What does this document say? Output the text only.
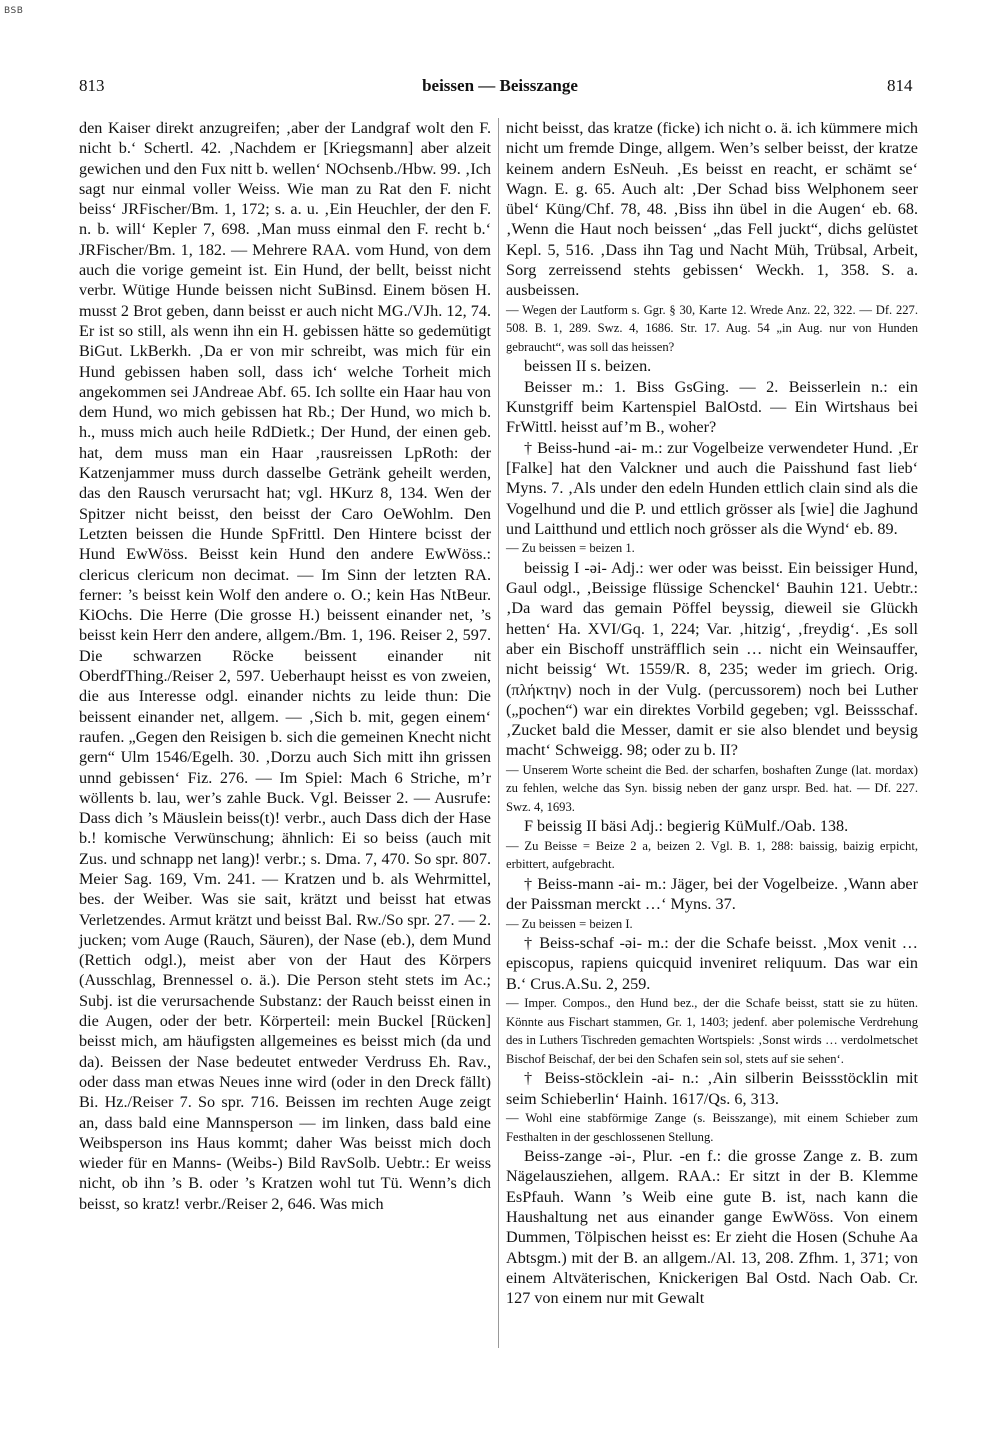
BSB
813	beissen — Beisszange	814

den Kaiser direkt anzugreifen; ‚aber der Landgraf wolt den F. nicht b.‘ Schertl. 42. ‚Nachdem er [Kriegsmann] aber alzeit gewichen und den Fux nitt b. wellen‘ NOchsenb./Hbw. 99. ‚Ich sagt nur einmal voller Weiss. Wie man zu Rat den F. nicht beiss‘ JRFischer/Bm. 1, 172; s. a. u. ‚Ein Heuchler, der den F. n. b. will‘ Kepler 7, 698. ‚Man muss einmal den F. recht b.‘ JRFischer/Bm. 1, 182. — Mehrere RAA. vom Hund, von dem auch die vorige gemeint ist. Ein Hund, der bellt, beisst nicht verbr. Wütige Hunde beissen nicht SuBinsd. Einem bösen H. musst 2 Brot geben, dann beisst er auch nicht MG./VJh. 12, 74. Er ist so still, als wenn ihn ein H. gebissen hätte so gedemütigt BiGut. LkBerkh. ‚Da er von mir schreibt, was mich für ein Hund gebissen haben soll, dass ich‘ welche Torheit mich angekommen sei JAndreae Abf. 65. Ich sollte ein Haar hau von dem Hund, wo mich gebissen hat Rb.; Der Hund, wo mich b. h., muss mich auch heile RdDietk.; Der Hund, der einen geb. hat, dem muss man ein Haar ‚rausreissen LpRoth: der Katzenjammer muss durch dasselbe Getränk geheilt werden, das den Rausch verursacht hat; vgl. HKurz 8, 134. Wen der Spitzer nicht beisst, den beisst der Caro OeWohlm. Den Letzten beissen die Hunde SpFrittl. Den Hintere bcisst der Hund EwWöss. Beisst kein Hund den andere EwWöss.: clericus clericum non decimat. — Im Sinn der letzten RA. ferner: ’s beisst kein Wolf den andere o. O.; kein Has NtBeur. KiOchs. Die Herre (Die grosse H.) beissent einander net, ’s beisst kein Herr den andere, allgem./Bm. 1, 196. Reiser 2, 597. Die schwarzen Röcke beissent einander nit OberdfThing./Reiser 2, 597. Ueberhaupt heisst es von zweien, die aus Interesse odgl. einander nichts zu leide thun: Die beissent einander net, allgem. — ‚Sich b. mit, gegen einem‘ raufen. „Gegen den Reisigen b. sich die gemeinen Knecht nicht gern“ Ulm 1546/Egelh. 30. ‚Dorzu auch Sich mitt ihn grissen unnd gebissen‘ Fiz. 276. — Im Spiel: Mach 6 Striche, m’r wöllents b. lau, wer’s zahle Buck. Vgl. Beisser 2. — Ausrufe: Dass dich ’s Mäuslein beiss(t)! verbr., auch Dass dich der Hase b.! komische Verwünschung; ähnlich: Ei so beiss (auch mit Zus. und schnapp net lang)! verbr.; s. Dma. 7, 470. So spr. 807. Meier Sag. 169, Vm. 241. — Kratzen und b. als Wehrmittel, bes. der Weiber. Was sie sait, krätzt und beisst hat etwas Verletzendes. Armut krätzt und beisst Bal. Rw./So spr. 27. — 2. jucken; vom Auge (Rauch, Säuren), der Nase (eb.), dem Mund (Rettich odgl.), meist aber von der Haut des Körpers (Ausschlag, Brennessel o. ä.). Die Person steht stets im Ac.; Subj. ist die verursachende Substanz: der Rauch beisst einen in die Augen, oder der betr. Körperteil: mein Buckel [Rücken] beisst mich, am häufigsten allgemeines es beisst mich (da und da). Beissen der Nase bedeutet entweder Verdruss Eh. Rav., oder dass man etwas Neues inne wird (oder in den Dreck fällt) Bi. Hz./Reiser 7. So spr. 716. Beissen im rechten Auge zeigt an, dass bald eine Mannsperson — im linken, dass bald eine Weibsperson ins Haus kommt; daher Was beisst mich doch wieder für en Manns- (Weibs-) Bild RavSolb. Uebtr.: Er weiss nicht, ob ihn ’s B. oder ’s Kratzen wohl tut Tü. Wenn’s dich beisst, so kratz! verbr./Reiser 2, 646. Was mich

nicht beisst, das kratze (ficke) ich nicht o. ä. ich kümmere mich nicht um fremde Dinge, allgem. Wen’s selber beisst, der kratze keinem andern EsNeuh. ‚Es beisst en reacht, er schämt se‘ Wagn. E. g. 65. Auch alt: ‚Der Schad biss Welphonem seer übel‘ Küng/Chf. 78, 48. ‚Biss ihn übel in die Augen‘ eb. 68. ‚Wenn die Haut noch beissen‘ „das Fell juckt“, dichs gelüstet Kepl. 5, 516. ‚Dass ihn Tag und Nacht Müh, Trübsal, Arbeit, Sorg zerreissend stehts gebissen‘ Weckh. 1, 358. S. a. ausbeissen.

— Wegen der Lautform s. Ggr. § 30, Karte 12. Wrede Anz. 22, 322. — Df. 227. 508. B. 1, 289. Swz. 4, 1686. Str. 17. Aug. 54 „in Aug. nur von Hunden gebraucht“, was soll das heissen?

beissen II s. beizen.

Beisser m.: 1. Biss GsGing. — 2. Beisserlein n.: ein Kunstgriff beim Kartenspiel BalOstd. — Ein Wirtshaus bei FrWittl. heisst auf’m B., woher?

† Beiss-hund -ai- m.: zur Vogelbeize verwendeter Hund. ‚Er [Falke] hat den Valckner und auch die Paisshund fast lieb‘ Myns. 7. ‚Als under den edeln Hunden ettlich clain sind als die Vogelhund und die P. und ettlich grösser als [wie] die Jaghund und Laitthund und ettlich noch grösser als die Wynd‘ eb. 89.

— Zu beissen = beizen 1.

beissig I -əi- Adj.: wer oder was beisst. Ein beissiger Hund, Gaul odgl., ‚Beissige flüssige Schenckel‘ Bauhin 121. Uebtr.: ‚Da ward das gemain Pöffel beyssig, dieweil sie Glückh hetten‘ Ha. XVI/Gq. 1, 224; Var. ‚hitzig‘, ‚freydig‘. ‚Es soll aber ein Bischoff unsträfflich sein … nicht ein Weinsauffer, nicht beissig‘ Wt. 1559/R. 8, 235; weder im griech. Orig. (πλήκτην) noch in der Vulg. (percussorem) noch bei Luther („pochen“) war ein direktes Vorbild gegeben; vgl. Beissschaf. ‚Zucket bald die Messer, damit er sie also blendet und beysig macht‘ Schweigg. 98; oder zu b. II?

— Unserem Worte scheint die Bed. der scharfen, boshaften Zunge (lat. mordax) zu fehlen, welche das Syn. bissig neben der ganz urspr. Bed. hat. — Df. 227. Swz. 4, 1693.

F beissig II bäsi Adj.: begierig KüMulf./Oab. 138.

— Zu Beisse = Beize 2 a, beizen 2. Vgl. B. 1, 288: baissig, baizig erpicht, erbittert, aufgebracht.

† Beiss-mann -ai- m.: Jäger, bei der Vogelbeize. ‚Wann aber der Paissman merckt …‘ Myns. 37.

— Zu beissen = beizen I.

† Beiss-schaf -əi- m.: der die Schafe beisst. ‚Mox venit … episcopus, rapiens quicquid inveniret reliquum. Das war ein B.‘ Crus.A.Su. 2, 259.

— Imper. Compos., den Hund bez., der die Schafe beisst, statt sie zu hüten. Könnte aus Fischart stammen, Gr. 1, 1403; jedenf. aber polemische Verdrehung des in Luthers Tischreden gemachten Wortspiels: ‚Sonst wirds … verdolmetschet Bischof Beischaf, der bei den Schafen sein sol, stets auf sie sehen‘.

† Beiss-stöcklein -ai- n.: ‚Ain silberin Beissstöcklin mit seim Schieberlin‘ Hainh. 1617/Qs. 6, 313.

— Wohl eine stabförmige Zange (s. Beisszange), mit einem Schieber zum Festhalten in der geschlossenen Stellung.

Beiss-zange -əi-, Plur. -en f.: die grosse Zange z. B. zum Nägelausziehen, allgem. RAA.: Er sitzt in der B. Klemme EsPfauh. Wann ’s Weib eine gute B. ist, nach kann die Haushaltung net aus einander gange EwWöss. Von einem Dummen, Tölpischen heisst es: Er zieht die Hosen (Schuhe Aa Abtsgm.) mit der B. an allgem./Al. 13, 208. Zfhm. 1, 371; von einem Altväterischen, Knickerigen Bal Ostd. Nach Oab. Cr. 127 von einem nur mit Gewalt
